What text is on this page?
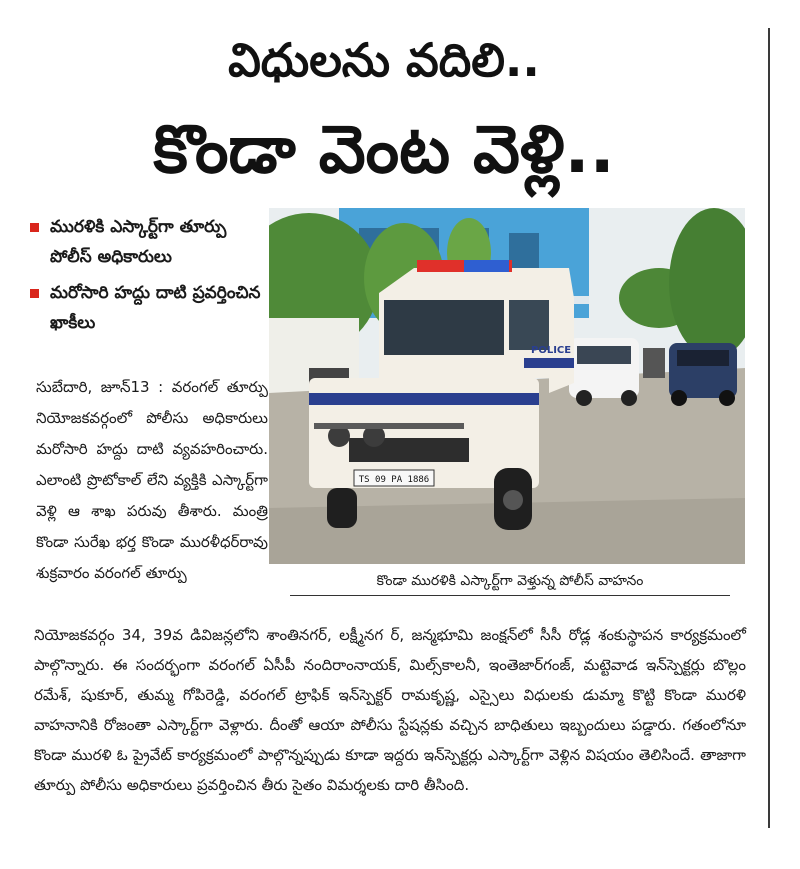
విధులను వదిలి..
కొండా వెంట వెళ్లి..
మురళికి ఎస్కార్ట్‌గా తూర్పు పోలీస్ అధికారులు
మరోసారి హద్దు దాటి ప్రవర్తించిన ఖాకీలు
సుబేదారి, జూన్13 : వరంగల్ తూర్పు నియోజకవర్గంలో పోలీసు అధికారులు మరోసారి హద్దు దాటి వ్యవహరించారు. ఎలాంటి ప్రొటోకాల్ లేని వ్యక్తికి ఎస్కార్ట్‌గా వెళ్లి ఆ శాఖ పరువు తీశారు. మంత్రి కొండా సురేఖ భర్త కొండా మురళీధర్‌రావు శుక్రవారం వరంగల్ తూర్పు
POLICE
TS 09 PA 1886
కొండా మురళికి ఎస్కార్ట్‌గా వెళ్తున్న పోలీస్ వాహనం
నియోజకవర్గం 34, 39వ డివిజన్లలోని శాంతినగర్, లక్ష్మీనగ ర్, జన్మభూమి జంక్షన్‌లో సీసీ రోడ్ల శంకుస్థాపన కార్యక్రమంలో పాల్గొన్నారు. ఈ సందర్భంగా వరంగల్ ఏసీపీ నందిరాంనాయక్, మిల్స్‌కాలనీ, ఇంతెజార్‌గంజ్, మట్టెవాడ ఇన్‌స్పెక్టర్లు బొల్లం రమేశ్, షుకూర్, తుమ్మ గోపిరెడ్డి, వరంగల్ ట్రాఫిక్ ఇన్‌స్పెక్టర్ రామకృష్ణ, ఎస్సైలు విధులకు డుమ్మా కొట్టి కొండా మురళి వాహనానికి రోజంతా ఎస్కార్ట్‌గా వెళ్లారు. దీంతో ఆయా పోలీసు స్టేషన్లకు వచ్చిన బాధితులు ఇబ్బందులు పడ్డారు. గతంలోనూ కొండా మురళి ఓ ప్రైవేట్ కార్యక్రమంలో పాల్గొన్నప్పుడు కూడా ఇద్దరు ఇన్‌స్పెక్టర్లు ఎస్కార్ట్‌గా వెళ్లిన విషయం తెలిసిందే. తాజాగా తూర్పు పోలీసు అధికారులు ప్రవర్తించిన తీరు సైతం విమర్శలకు దారి తీసింది.
